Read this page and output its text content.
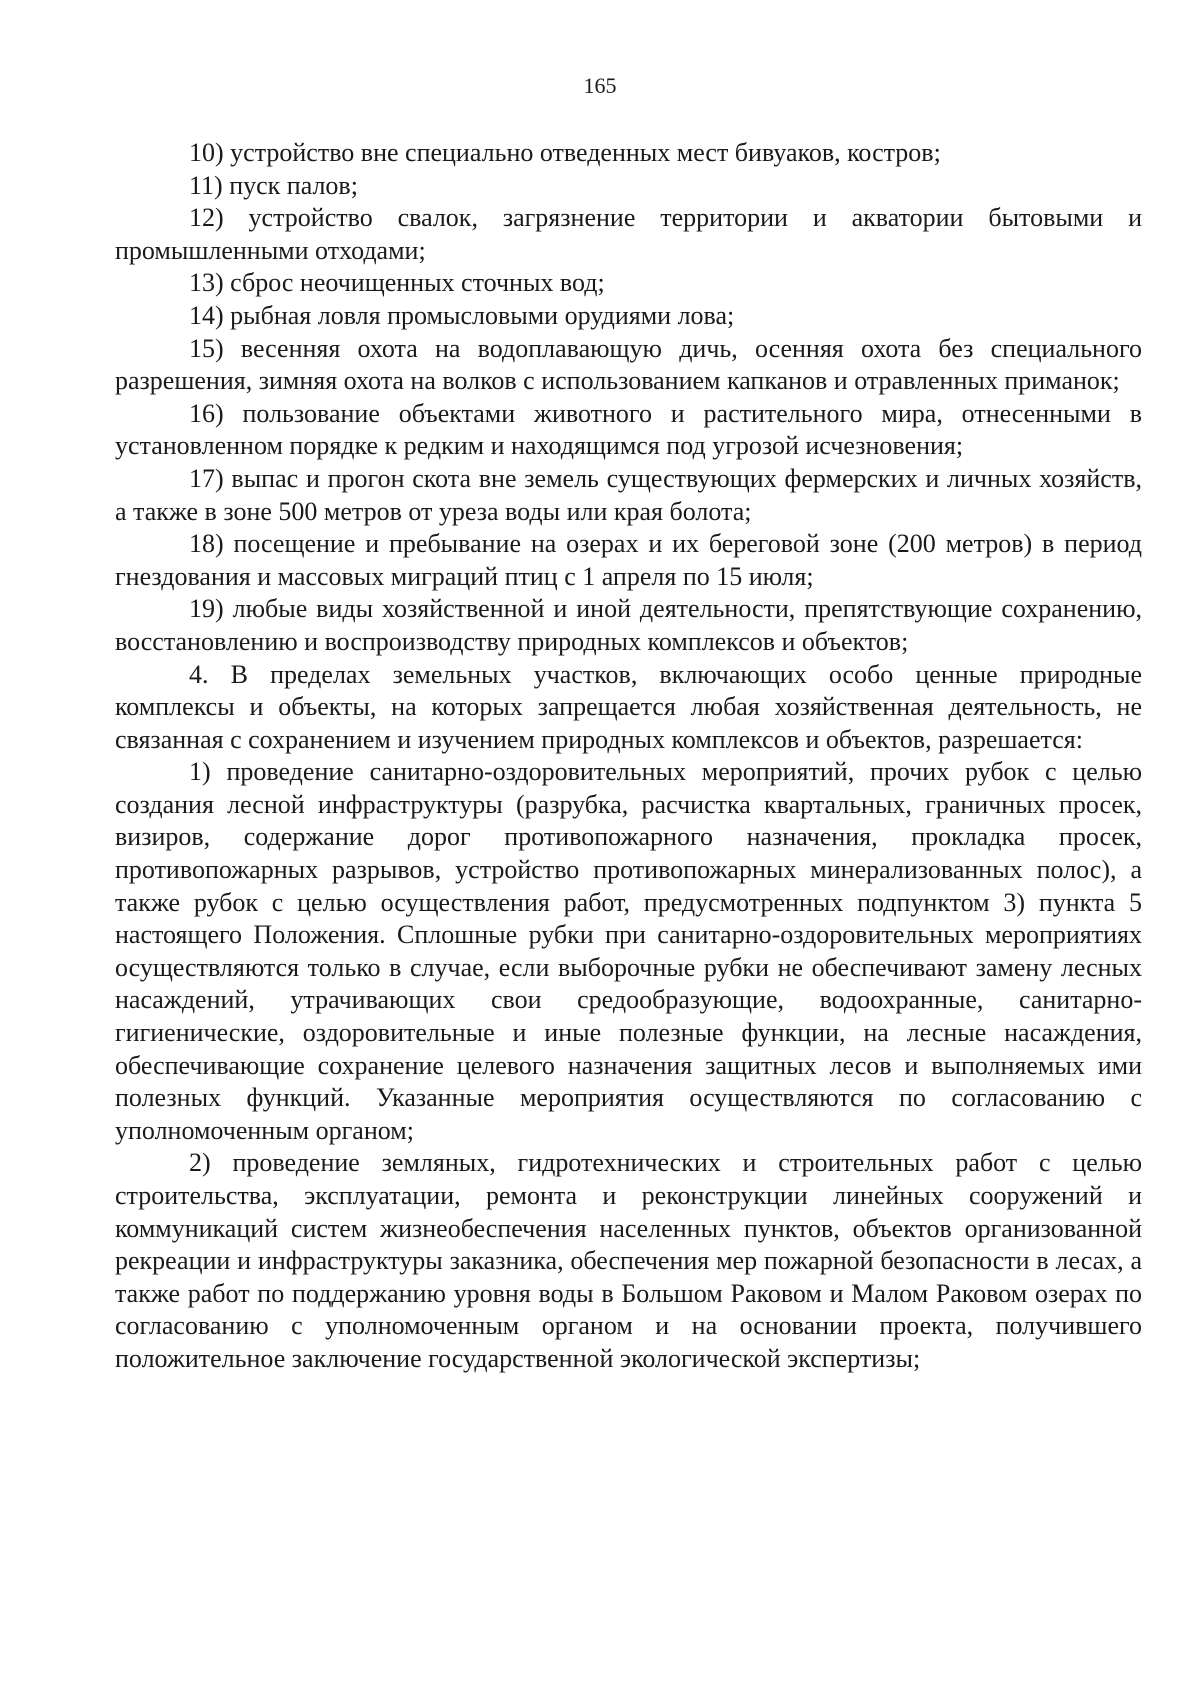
165

10) устройство вне специально отведенных мест бивуаков, костров;

11) пуск палов;

12) устройство свалок, загрязнение территории и акватории бытовыми и промышленными отходами;

13) сброс неочищенных сточных вод;

14) рыбная ловля промысловыми орудиями лова;

15) весенняя охота на водоплавающую дичь, осенняя охота без специального разрешения, зимняя охота на волков с использованием капканов и отравленных приманок;

16) пользование объектами животного и растительного мира, отнесенными в установленном порядке к редким и находящимся под угрозой исчезновения;

17) выпас и прогон скота вне земель существующих фермерских и личных хозяйств, а также в зоне 500 метров от уреза воды или края болота;

18) посещение и пребывание на озерах и их береговой зоне (200 метров) в период гнездования и массовых миграций птиц с 1 апреля по 15 июля;

19) любые виды хозяйственной и иной деятельности, препятствующие сохранению, восстановлению и воспроизводству природных комплексов и объектов;

4. В пределах земельных участков, включающих особо ценные природные комплексы и объекты, на которых запрещается любая хозяйственная деятельность, не связанная с сохранением и изучением природных комплексов и объектов, разрешается:

1) проведение санитарно-оздоровительных мероприятий, прочих рубок с целью создания лесной инфраструктуры (разрубка, расчистка квартальных, граничных просек, визиров, содержание дорог противопожарного назначения, прокладка просек, противопожарных разрывов, устройство противопожарных минерализованных полос), а также рубок с целью осуществления работ, предусмотренных подпунктом 3) пункта 5 настоящего Положения. Сплошные рубки при санитарно-оздоровительных мероприятиях осуществляются только в случае, если выборочные рубки не обеспечивают замену лесных насаждений, утрачивающих свои средообразующие, водоохранные, санитарно-гигиенические, оздоровительные и иные полезные функции, на лесные насаждения, обеспечивающие сохранение целевого назначения защитных лесов и выполняемых ими полезных функций. Указанные мероприятия осуществляются по согласованию с уполномоченным органом;

2) проведение земляных, гидротехнических и строительных работ с целью строительства, эксплуатации, ремонта и реконструкции линейных сооружений и коммуникаций систем жизнеобеспечения населенных пунктов, объектов организованной рекреации и инфраструктуры заказника, обеспечения мер пожарной безопасности в лесах, а также работ по поддержанию уровня воды в Большом Раковом и Малом Раковом озерах по согласованию с уполномоченным органом и на основании проекта, получившего положительное заключение государственной экологической экспертизы;
